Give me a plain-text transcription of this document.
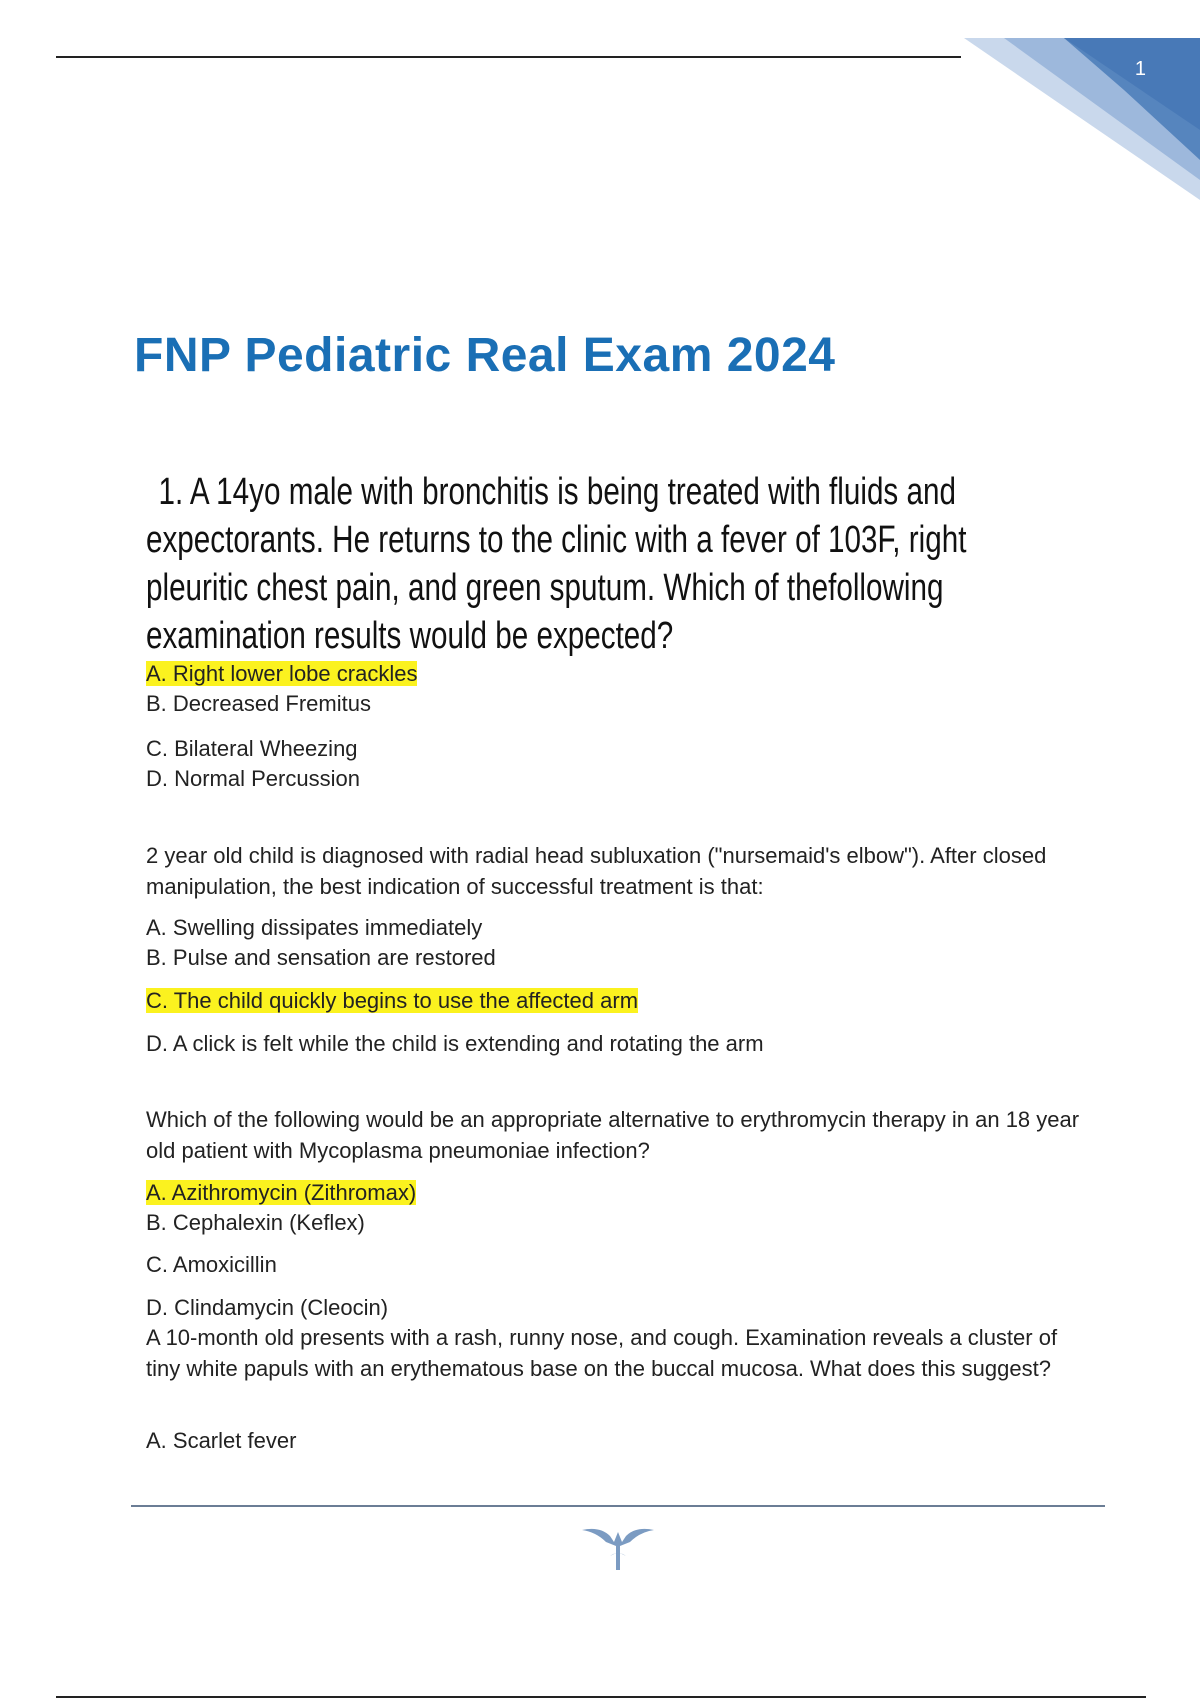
1
FNP Pediatric Real Exam 2024

1. A 14yo male with bronchitis is being treated with fluids and expectorants. He returns to the clinic with a fever of 103F, right pleuritic chest pain, and green sputum. Which of thefollowing examination results would be expected?

A. Right lower lobe crackles
B. Decreased Fremitus
C. Bilateral Wheezing
D. Normal Percussion

2 year old child is diagnosed with radial head subluxation ("nursemaid's elbow"). After closed manipulation, the best indication of successful treatment is that:

A. Swelling dissipates immediately
B. Pulse and sensation are restored
C. The child quickly begins to use the affected arm
D. A click is felt while the child is extending and rotating the arm

Which of the following would be an appropriate alternative to erythromycin therapy in an 18 year old patient with Mycoplasma pneumoniae infection?

A. Azithromycin (Zithromax)
B. Cephalexin (Keflex)
C. Amoxicillin
D. Clindamycin (Cleocin)

A 10-month old presents with a rash, runny nose, and cough. Examination reveals a cluster of tiny white papuls with an erythematous base on the buccal mucosa. What does this suggest?

A. Scarlet fever
